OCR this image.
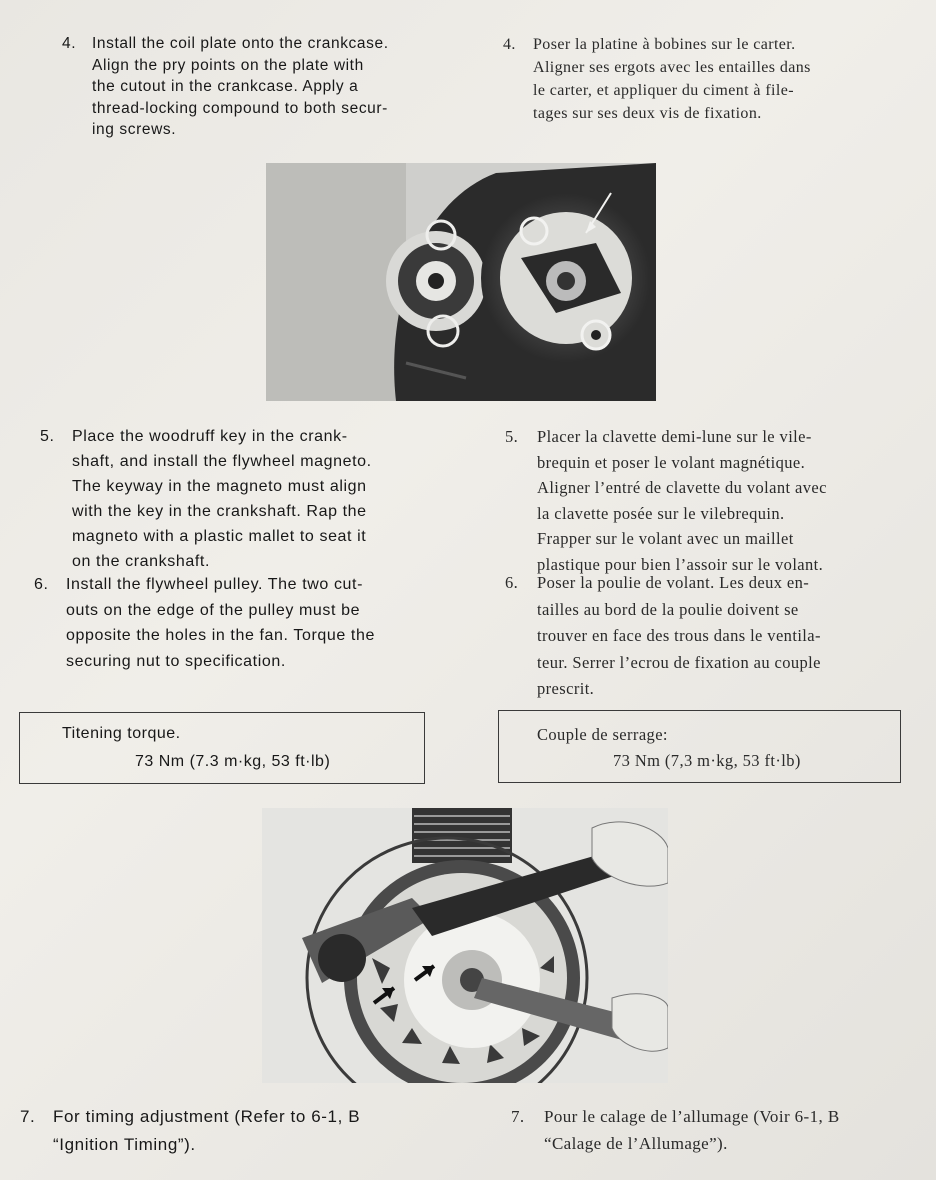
4. Install the coil plate onto the crankcase.
Align the pry points on the plate with
the cutout in the crankcase. Apply a
thread-locking compound to both secur-
ing screws.
4. Poser la platine à bobines sur le carter.
Aligner ses ergots avec les entailles dans
le carter, et appliquer du ciment à file-
tages sur ses deux vis de fixation.
5. Place the woodruff key in the crank-
shaft, and install the flywheel magneto.
The keyway in the magneto must align
with the key in the crankshaft. Rap the
magneto with a plastic mallet to seat it
on the crankshaft.
6. Install the flywheel pulley. The two cut-
outs on the edge of the pulley must be
opposite the holes in the fan. Torque the
securing nut to specification.
5. Placer la clavette demi-lune sur le vile-
brequin et poser le volant magnétique.
Aligner l’entré de clavette du volant avec
la clavette posée sur le vilebrequin.
Frapper sur le volant avec un maillet
plastique pour bien l’assoir sur le volant.
6. Poser la poulie de volant. Les deux en-
tailles au bord de la poulie doivent se
trouver en face des trous dans le ventila-
teur. Serrer l’ecrou de fixation au couple
prescrit.
Titening torque.
73 Nm (7.3 m·kg, 53 ft·lb)
Couple de serrage:
73 Nm (7,3 m·kg, 53 ft·lb)
7. For timing adjustment (Refer to 6-1, B
“Ignition Timing”).
7. Pour le calage de l’allumage (Voir 6-1, B
“Calage de l’Allumage”).
